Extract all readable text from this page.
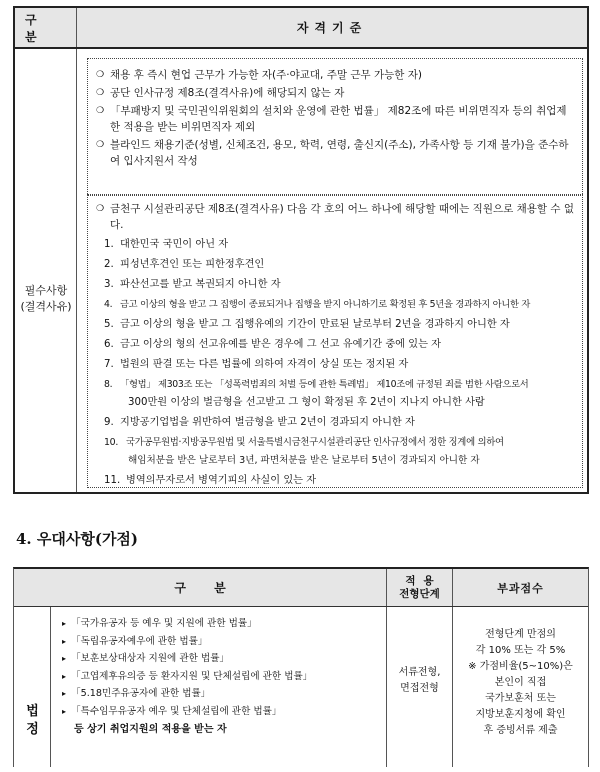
구 분
자격기준
필수사항
(결격사유)
❍ 채용 후 즉시 현업 근무가 가능한 자(주·야교대, 주말 근무 가능한 자)
❍ 공단 인사규정 제8조(결격사유)에 해당되지 않는 자
❍ 「부패방지 및 국민권익위원회의 설치와 운영에 관한 법률」 제82조에 따른 비위면직자 등의 취업제한 적용을 받는 비위면직자 제외
❍ 블라인드 채용기준(성별, 신체조건, 용모, 학력, 연령, 출신지(주소), 가족사항 등 기재 불가)을 준수하여 입사지원서 작성
❍ 금천구 시설관리공단 제8조(결격사유) 다음 각 호의 어느 하나에 해당할 때에는 직원으로 채용할 수 없다.
1. 대한민국 국민이 아닌 자
2. 피성년후견인 또는 피한정후견인
3. 파산선고를 받고 복권되지 아니한 자
4. 금고 이상의 형을 받고 그 집행이 종료되거나 집행을 받지 아니하기로 확정된 후 5년을 경과하지 아니한 자
5. 금고 이상의 형을 받고 그 집행유예의 기간이 만료된 날로부터 2년을 경과하지 아니한 자
6. 금고 이상의 형의 선고유예를 받은 경우에 그 선고 유예기간 중에 있는 자
7. 법원의 판결 또는 다른 법률에 의하여 자격이 상실 또는 정지된 자
8. 「형법」 제303조 또는 「성폭력범죄의 처벌 등에 관한 특례법」 제10조에 규정된 죄를 범한 사람으로서
300만원 이상의 벌금형을 선고받고 그 형이 확정된 후 2년이 지나지 아니한 사람
9. 지방공기업법을 위반하여 벌금형을 받고 2년이 경과되지 아니한 자
10. 국가공무원법·지방공무원법 및 서울특별시금천구시설관리공단 인사규정에서 정한 징계에 의하여
해임처분을 받은 날로부터 3년, 파면처분을 받은 날로부터 5년이 경과되지 아니한 자
11. 병역의무자로서 병역기피의 사실이 있는 자
4. 우대사항(가점)
구 분
적용
전형단계	부과점수
법
정
▸ 「국가유공자 등 예우 및 지원에 관한 법률」
▸ 「독립유공자예우에 관한 법률」
▸ 「보훈보상대상자 지원에 관한 법률」
▸ 「고엽제후유의증 등 환자지원 및 단체설립에 관한 법률」
▸ 「5.18민주유공자에 관한 법률」
▸ 「특수임무유공자 예우 및 단체설립에 관한 법률」
등 상기 취업지원의 적용을 받는 자
서류전형,
면접전형
전형단계 만점의
각 10% 또는 각 5%
※ 가점비율(5~10%)은
본인이 직접
국가보훈처 또는
지방보훈지청에 확인
후 증빙서류 제출
